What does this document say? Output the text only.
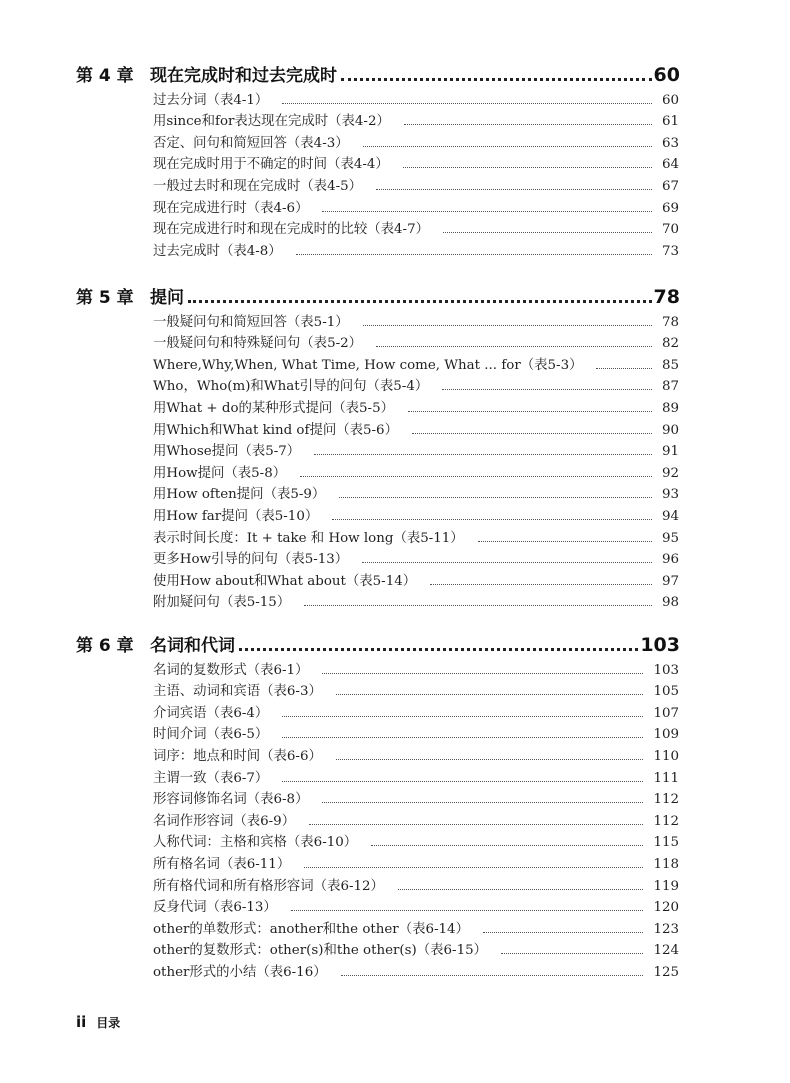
第 4 章 现在完成时和过去完成时	60
过去分词（表4-1）	60
用since和for表达现在完成时（表4-2）	61
否定、问句和简短回答（表4-3）	63
现在完成时用于不确定的时间（表4-4）	64
一般过去时和现在完成时（表4-5）	67
现在完成进行时（表4-6）	69
现在完成进行时和现在完成时的比较（表4-7）	70
过去完成时（表4-8）	73
第 5 章 提问	78
一般疑问句和简短回答（表5-1）	78
一般疑问句和特殊疑问句（表5-2）	82
Where,Why,When, What Time, How come, What ... for（表5-3）	85
Who，Who(m)和What引导的问句（表5-4）	87
用What + do的某种形式提问（表5-5）	89
用Which和What kind of提问（表5-6）	90
用Whose提问（表5-7）	91
用How提问（表5-8）	92
用How often提问（表5-9）	93
用How far提问（表5-10）	94
表示时间长度：It + take 和 How long（表5-11）	95
更多How引导的问句（表5-13）	96
使用How about和What about（表5-14）	97
附加疑问句（表5-15）	98
第 6 章 名词和代词	103
名词的复数形式（表6-1）	103
主语、动词和宾语（表6-3）	105
介词宾语（表6-4）	107
时间介词（表6-5）	109
词序：地点和时间（表6-6）	110
主谓一致（表6-7）	111
形容词修饰名词（表6-8）	112
名词作形容词（表6-9）	112
人称代词：主格和宾格（表6-10）	115
所有格名词（表6-11）	118
所有格代词和所有格形容词（表6-12）	119
反身代词（表6-13）	120
other的单数形式：another和the other（表6-14）	123
other的复数形式：other(s)和the other(s)（表6-15）	124
other形式的小结（表6-16）	125
ii 目录
